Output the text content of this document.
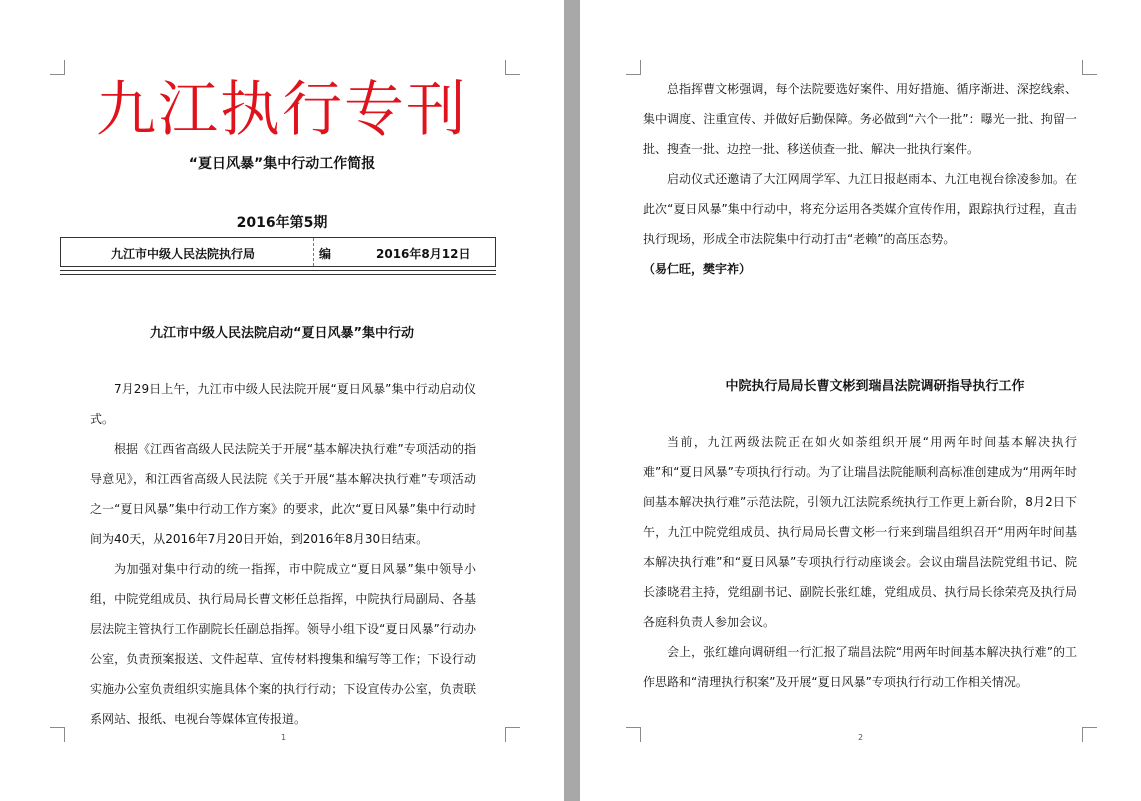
九江执行专刊
“夏日风暴”集中行动工作简报
2016年第5期
九江市中级人民法院执行局	编	2016年8月12日
九江市中级人民法院启动“夏日风暴”集中行动

7月29日上午，九江市中级人民法院开展“夏日风暴”集中行动启动仪式。

根据《江西省高级人民法院关于开展“基本解决执行难”专项活动的指导意见》，和江西省高级人民法院《关于开展“基本解决执行难”专项活动之一“夏日风暴”集中行动工作方案》的要求，此次“夏日风暴”集中行动时间为40天，从2016年7月20日开始，到2016年8月30日结束。

为加强对集中行动的统一指挥，市中院成立“夏日风暴”集中领导小组，中院党组成员、执行局局长曹文彬任总指挥，中院执行局副局、各基层法院主管执行工作副院长任副总指挥。领导小组下设“夏日风暴”行动办公室，负责预案报送、文件起草、宣传材料搜集和编写等工作；下设行动实施办公室负责组织实施具体个案的执行行动；下设宣传办公室，负责联系网站、报纸、电视台等媒体宣传报道。

1

总指挥曹文彬强调，每个法院要选好案件、用好措施、循序渐进、深挖线索、集中调度、注重宣传、并做好后勤保障。务必做到“六个一批”：曝光一批、拘留一批、搜查一批、边控一批、移送侦查一批、解决一批执行案件。

启动仪式还邀请了大江网周学军、九江日报赵雨本、九江电视台徐凌参加。在此次“夏日风暴”集中行动中，将充分运用各类媒介宣传作用，跟踪执行过程，直击执行现场，形成全市法院集中行动打击“老赖”的高压态势。

（易仁旺，樊宇祚）
中院执行局局长曹文彬到瑞昌法院调研指导执行工作

当前，九江两级法院正在如火如荼组织开展“用两年时间基本解决执行难”和“夏日风暴”专项执行行动。为了让瑞昌法院能顺利高标准创建成为“用两年时间基本解决执行难”示范法院，引领九江法院系统执行工作更上新台阶，8月2日下午，九江中院党组成员、执行局局长曹文彬一行来到瑞昌组织召开“用两年时间基本解决执行难”和“夏日风暴”专项执行行动座谈会。会议由瑞昌法院党组书记、院长漆晓君主持，党组副书记、副院长张红雄，党组成员、执行局长徐荣亮及执行局各庭科负责人参加会议。

会上，张红雄向调研组一行汇报了瑞昌法院“用两年时间基本解决执行难”的工作思路和“清理执行积案”及开展“夏日风暴”专项执行行动工作相关情况。

2
